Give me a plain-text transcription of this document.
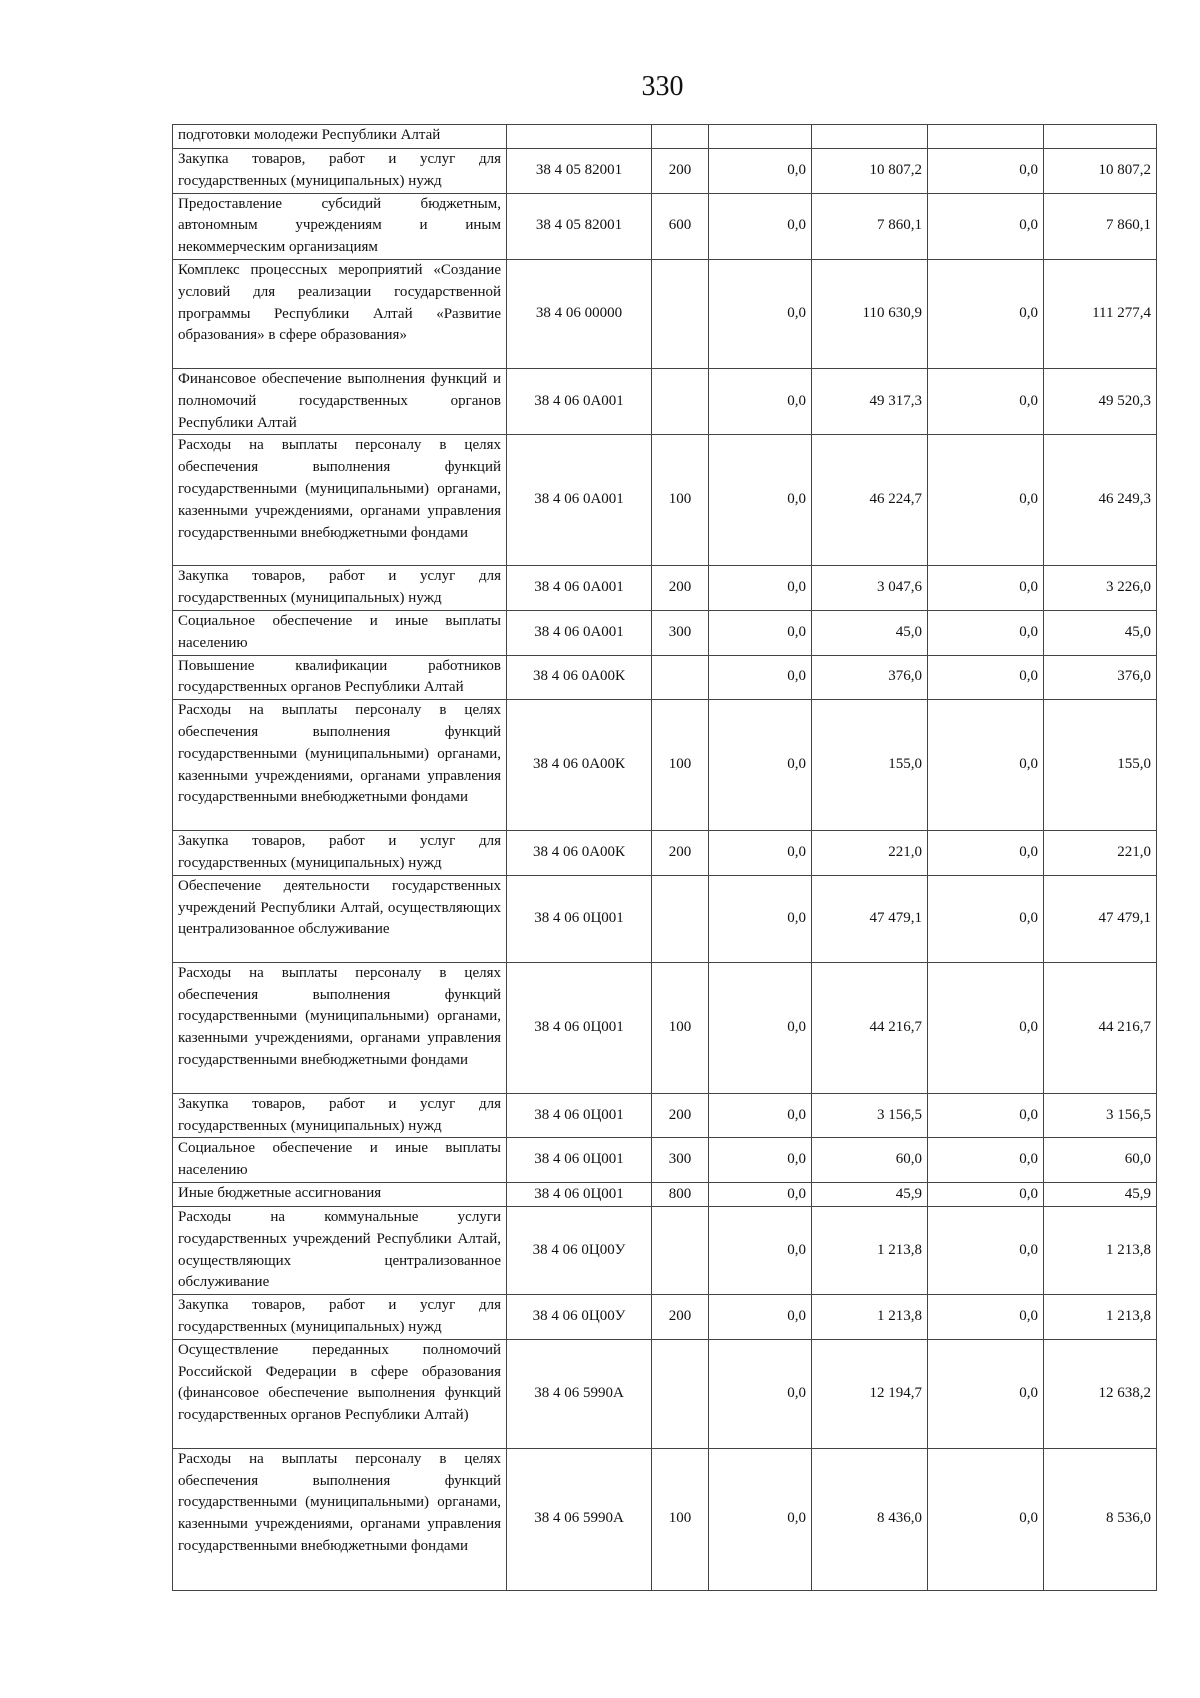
330
подготовки молодежи Республики Алтай						
Закупка товаров, работ и услуг для государственных (муниципальных) нужд	38 4 05 82001	200	0,0	10 807,2	0,0	10 807,2
Предоставление субсидий бюджетным, автономным учреждениям и иным некоммерческим организациям	38 4 05 82001	600	0,0	7 860,1	0,0	7 860,1
Комплекс процессных мероприятий «Создание условий для реализации государственной программы Республики Алтай «Развитие образования» в сфере образования»	38 4 06 00000		0,0	110 630,9	0,0	111 277,4
Финансовое обеспечение выполнения функций и полномочий государственных органов Республики Алтай	38 4 06 0А001		0,0	49 317,3	0,0	49 520,3
Расходы на выплаты персоналу в целях обеспечения выполнения функций государственными (муниципальными) органами, казенными учреждениями, органами управления государственными внебюджетными фондами	38 4 06 0А001	100	0,0	46 224,7	0,0	46 249,3
Закупка товаров, работ и услуг для государственных (муниципальных) нужд	38 4 06 0А001	200	0,0	3 047,6	0,0	3 226,0
Социальное обеспечение и иные выплаты населению	38 4 06 0А001	300	0,0	45,0	0,0	45,0
Повышение квалификации работников государственных органов Республики Алтай	38 4 06 0А00К		0,0	376,0	0,0	376,0
Расходы на выплаты персоналу в целях обеспечения выполнения функций государственными (муниципальными) органами, казенными учреждениями, органами управления государственными внебюджетными фондами	38 4 06 0А00К	100	0,0	155,0	0,0	155,0
Закупка товаров, работ и услуг для государственных (муниципальных) нужд	38 4 06 0А00К	200	0,0	221,0	0,0	221,0
Обеспечение деятельности государственных учреждений Республики Алтай, осуществляющих централизованное обслуживание	38 4 06 0Ц001		0,0	47 479,1	0,0	47 479,1
Расходы на выплаты персоналу в целях обеспечения выполнения функций государственными (муниципальными) органами, казенными учреждениями, органами управления государственными внебюджетными фондами	38 4 06 0Ц001	100	0,0	44 216,7	0,0	44 216,7
Закупка товаров, работ и услуг для государственных (муниципальных) нужд	38 4 06 0Ц001	200	0,0	3 156,5	0,0	3 156,5
Социальное обеспечение и иные выплаты населению	38 4 06 0Ц001	300	0,0	60,0	0,0	60,0
Иные бюджетные ассигнования	38 4 06 0Ц001	800	0,0	45,9	0,0	45,9
Расходы на коммунальные услуги государственных учреждений Республики Алтай, осуществляющих централизованное обслуживание	38 4 06 0Ц00У		0,0	1 213,8	0,0	1 213,8
Закупка товаров, работ и услуг для государственных (муниципальных) нужд	38 4 06 0Ц00У	200	0,0	1 213,8	0,0	1 213,8
Осуществление переданных полномочий Российской Федерации в сфере образования (финансовое обеспечение выполнения функций государственных органов Республики Алтай)	38 4 06 5990А		0,0	12 194,7	0,0	12 638,2
Расходы на выплаты персоналу в целях обеспечения выполнения функций государственными (муниципальными) органами, казенными учреждениями, органами управления государственными внебюджетными фондами	38 4 06 5990А	100	0,0	8 436,0	0,0	8 536,0
